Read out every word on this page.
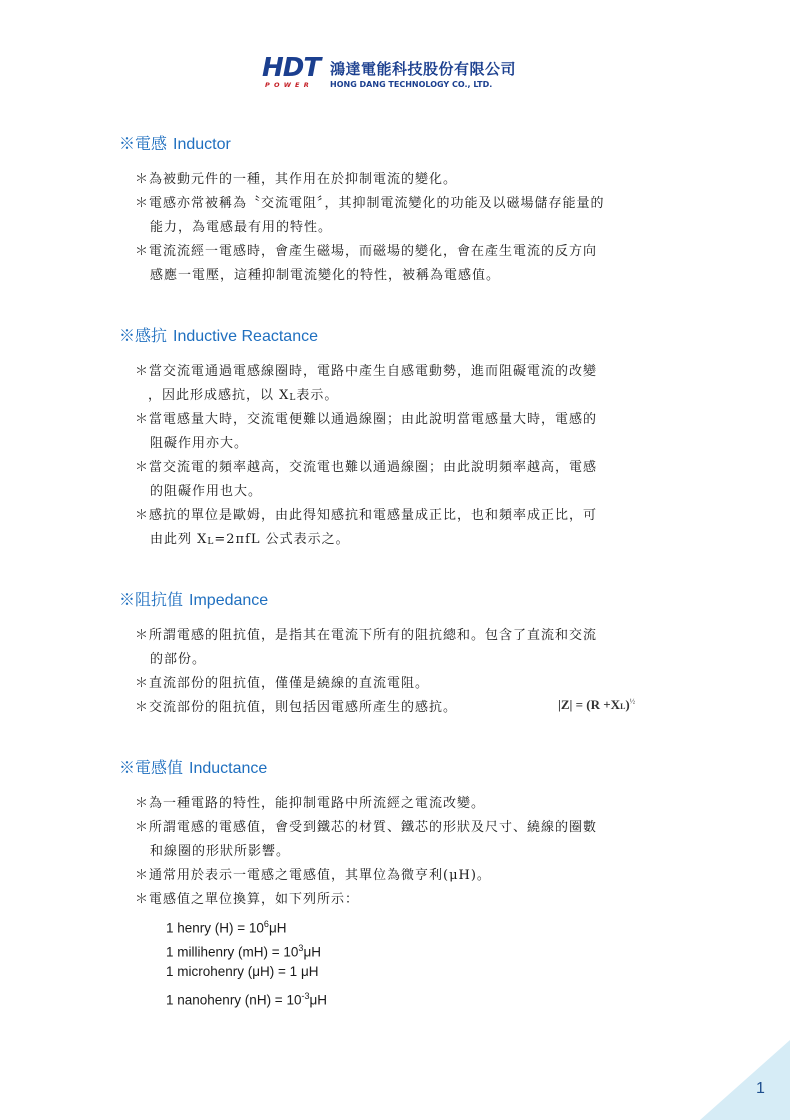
HDT
POWER
鴻達電能科技股份有限公司
HONG DANG TECHNOLOGY CO., LTD.
※電感 Inductor
＊為被動元件的一種，其作用在於抑制電流的變化。
＊電感亦常被稱為〝交流電阻〞，其抑制電流變化的功能及以磁場儲存能量的
能力，為電感最有用的特性。
＊電流流經一電感時，會產生磁場，而磁場的變化，會在產生電流的反方向
感應一電壓，這種抑制電流變化的特性，被稱為電感值。
※感抗 Inductive Reactance
＊當交流電通過電感線圈時，電路中產生自感電動勢，進而阻礙電流的改變
，因此形成感抗，以 XL表示。
＊當電感量大時，交流電便難以通過線圈；由此說明當電感量大時，電感的
阻礙作用亦大。
＊當交流電的頻率越高，交流電也難以通過線圈；由此說明頻率越高，電感
的阻礙作用也大。
＊感抗的單位是歐姆，由此得知感抗和電感量成正比，也和頻率成正比，可
由此列 XL=2πfL 公式表示之。
※阻抗值 Impedance
＊所謂電感的阻抗值，是指其在電流下所有的阻抗總和。包含了直流和交流
的部份。
＊直流部份的阻抗值，僅僅是繞線的直流電阻。
＊交流部份的阻抗值，則包括因電感所產生的感抗。	$|Z| = (R +XL)^{\frac{1}{2}}$
※電感值 Inductance
＊為一種電路的特性，能抑制電路中所流經之電流改變。
＊所謂電感的電感值，會受到鐵芯的材質、鐵芯的形狀及尺寸、繞線的圈數
和線圈的形狀所影響。
＊通常用於表示一電感之電感值，其單位為微亨利(μH)。
＊電感值之單位換算，如下列所示：
1 henry $(H) = 10^6\mu H$
1 millihenry $(mH) = 10^3\mu H$
1 microhenry (μH) = 1 μH
1 nanohenry $(nH) = 10^{-3}\mu H$
1
